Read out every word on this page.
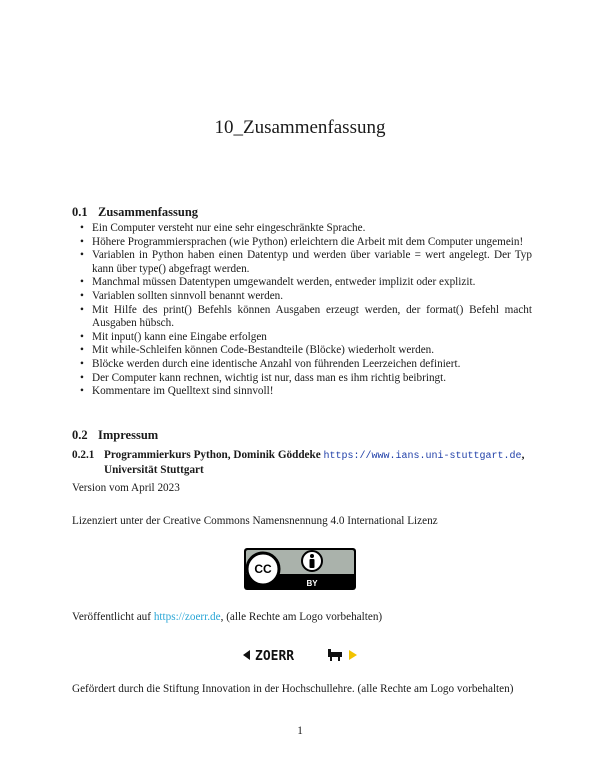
10_Zusammenfassung
0.1 Zusammenfassung
• Ein Computer versteht nur eine sehr eingeschränkte Sprache.
• Höhere Programmiersprachen (wie Python) erleichtern die Arbeit mit dem Computer ungemein!
• Variablen in Python haben einen Datentyp und werden über variable = wert angelegt. Der Typ kann über type() abgefragt werden.
• Manchmal müssen Datentypen umgewandelt werden, entweder implizit oder explizit.
• Variablen sollten sinnvoll benannt werden.
• Mit Hilfe des print() Befehls können Ausgaben erzeugt werden, der format() Befehl macht Ausgaben hübsch.
• Mit input() kann eine Eingabe erfolgen
• Mit while-Schleifen können Code-Bestandteile (Blöcke) wiederholt werden.
• Blöcke werden durch eine identische Anzahl von führenden Leerzeichen definiert.
• Der Computer kann rechnen, wichtig ist nur, dass man es ihm richtig beibringt.
• Kommentare im Quelltext sind sinnvoll!
0.2 Impressum
0.2.1 Programmierkurs Python, Dominik Göddeke https://www.ians.uni-stuttgart.de,
Universität Stuttgart
Version vom April 2023
Lizenziert unter der Creative Commons Namensnennung 4.0 International Lizenz
CC
BY
Veröffentlicht auf https://zoerr.de, (alle Rechte am Logo vorbehalten)
ZOERR
Gefördert durch die Stiftung Innovation in der Hochschullehre. (alle Rechte am Logo vorbehalten)
1
